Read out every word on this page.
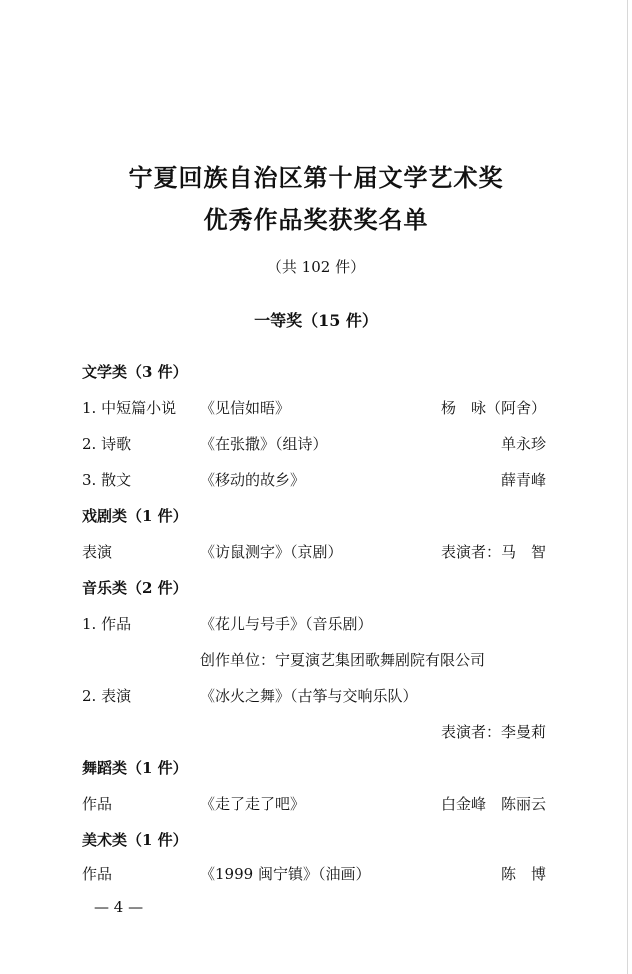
宁夏回族自治区第十届文学艺术奖
优秀作品奖获奖名单
（共 102 件）
一等奖（15 件）
文学类（3 件）
1. 中短篇小说 《见信如晤》	杨　咏（阿舍）
2. 诗歌	《在张撒》（组诗）	单永珍
3. 散文	《移动的故乡》	薛青峰
戏剧类（1 件）
表演	《访鼠测字》（京剧）	表演者：马　智
音乐类（2 件）
1. 作品	《花儿与号手》（音乐剧）
创作单位：宁夏演艺集团歌舞剧院有限公司
2. 表演	《冰火之舞》（古筝与交响乐队）
表演者：李曼莉
舞蹈类（1 件）
作品	《走了走了吧》	白金峰　陈丽云
美术类（1 件）
作品	《1999 闽宁镇》（油画）	陈　博
— 4 —
